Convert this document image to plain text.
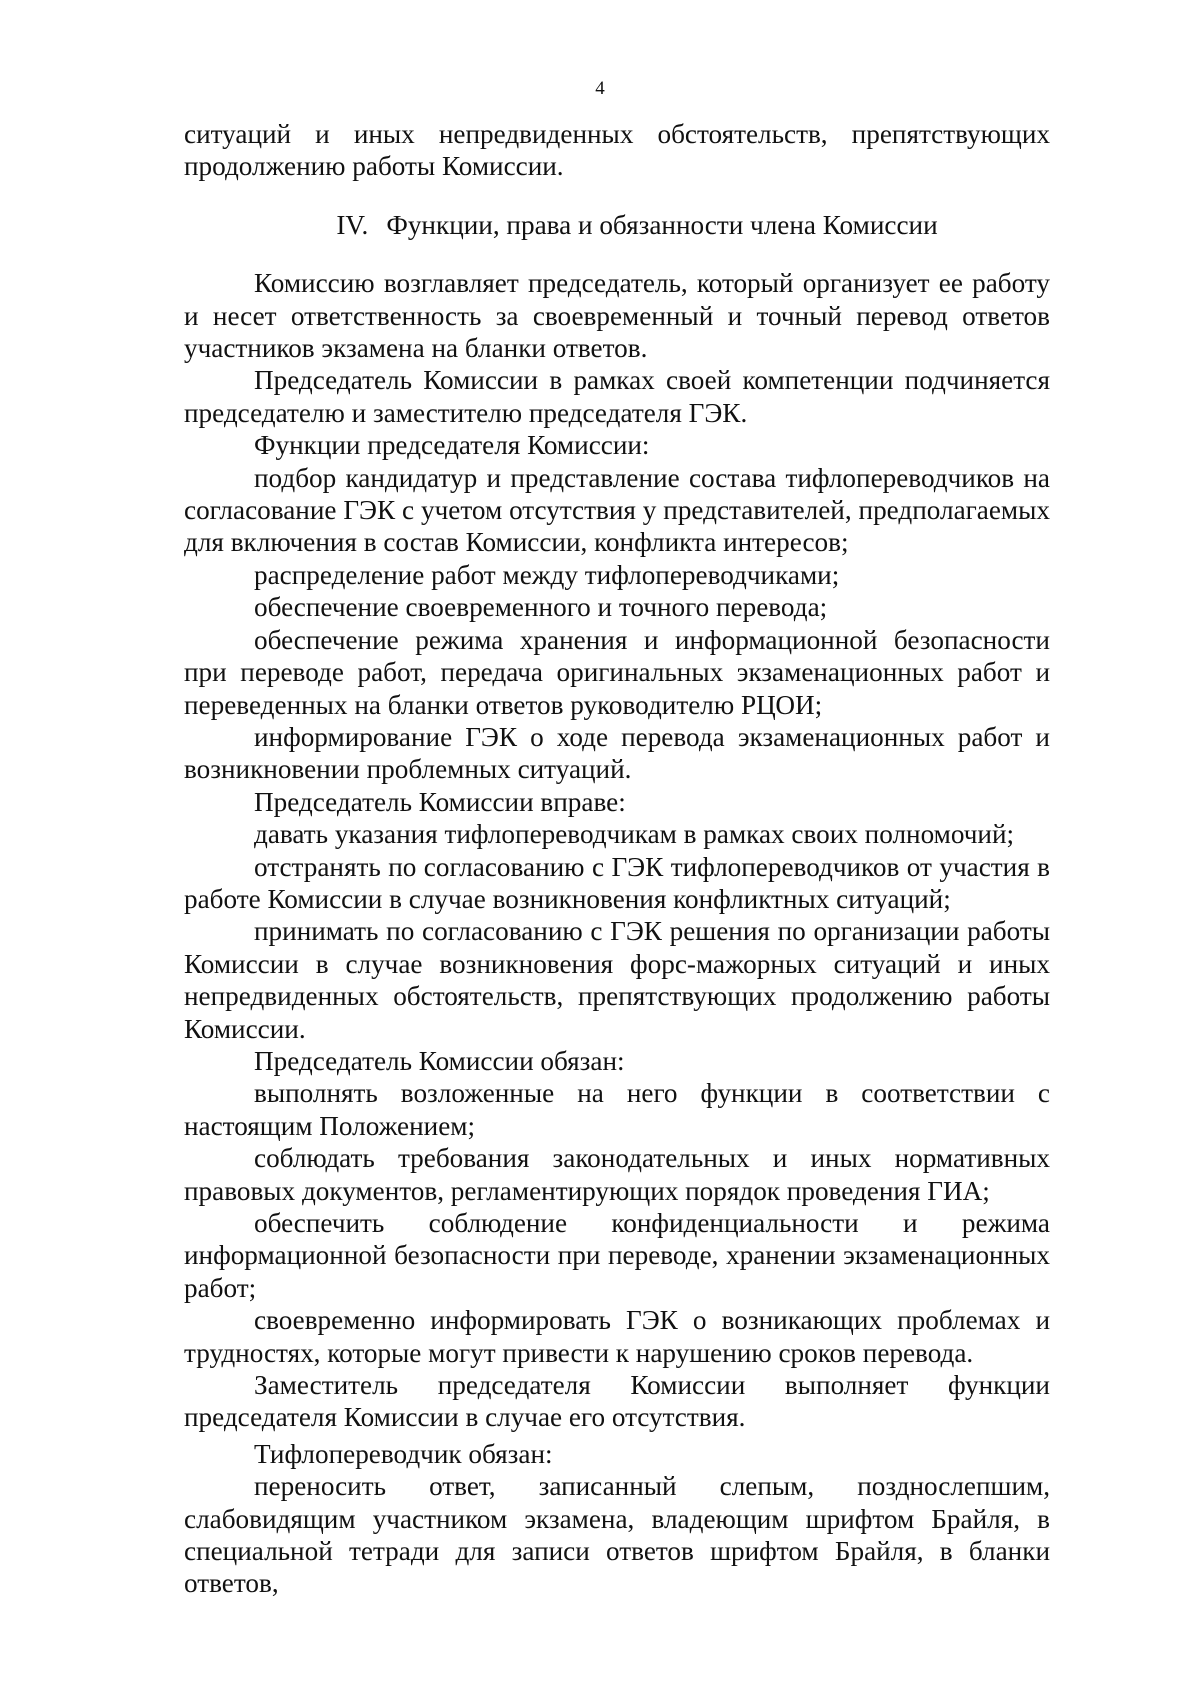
4

ситуаций и иных непредвиденных обстоятельств, препятствующих продолжению работы Комиссии.

IV. Функции, права и обязанности члена Комиссии

Комиссию возглавляет председатель, который организует ее работу и несет ответственность за своевременный и точный перевод ответов участников экзамена на бланки ответов.

Председатель Комиссии в рамках своей компетенции подчиняется председателю и заместителю председателя ГЭК.

Функции председателя Комиссии:

подбор кандидатур и представление состава тифлопереводчиков на согласование ГЭК с учетом отсутствия у представителей, предполагаемых для включения в состав Комиссии, конфликта интересов;

распределение работ между тифлопереводчиками;

обеспечение своевременного и точного перевода;

обеспечение режима хранения и информационной безопасности при переводе работ, передача оригинальных экзаменационных работ и переведенных на бланки ответов руководителю РЦОИ;

информирование ГЭК о ходе перевода экзаменационных работ и возникновении проблемных ситуаций.

Председатель Комиссии вправе:

давать указания тифлопереводчикам в рамках своих полномочий;

отстранять по согласованию с ГЭК тифлопереводчиков от участия в работе Комиссии в случае возникновения конфликтных ситуаций;

принимать по согласованию с ГЭК решения по организации работы Комиссии в случае возникновения форс-мажорных ситуаций и иных непредвиденных обстоятельств, препятствующих продолжению работы Комиссии.

Председатель Комиссии обязан:

выполнять возложенные на него функции в соответствии с настоящим Положением;

соблюдать требования законодательных и иных нормативных правовых документов, регламентирующих порядок проведения ГИА;

обеспечить соблюдение конфиденциальности и режима информационной безопасности при переводе, хранении экзаменационных работ;

своевременно информировать ГЭК о возникающих проблемах и трудностях, которые могут привести к нарушению сроков перевода.

Заместитель председателя Комиссии выполняет функции председателя Комиссии в случае его отсутствия.

Тифлопереводчик обязан:

переносить ответ, записанный слепым, позднослепшим, слабовидящим участником экзамена, владеющим шрифтом Брайля, в специальной тетради для записи ответов шрифтом Брайля, в бланки ответов,
